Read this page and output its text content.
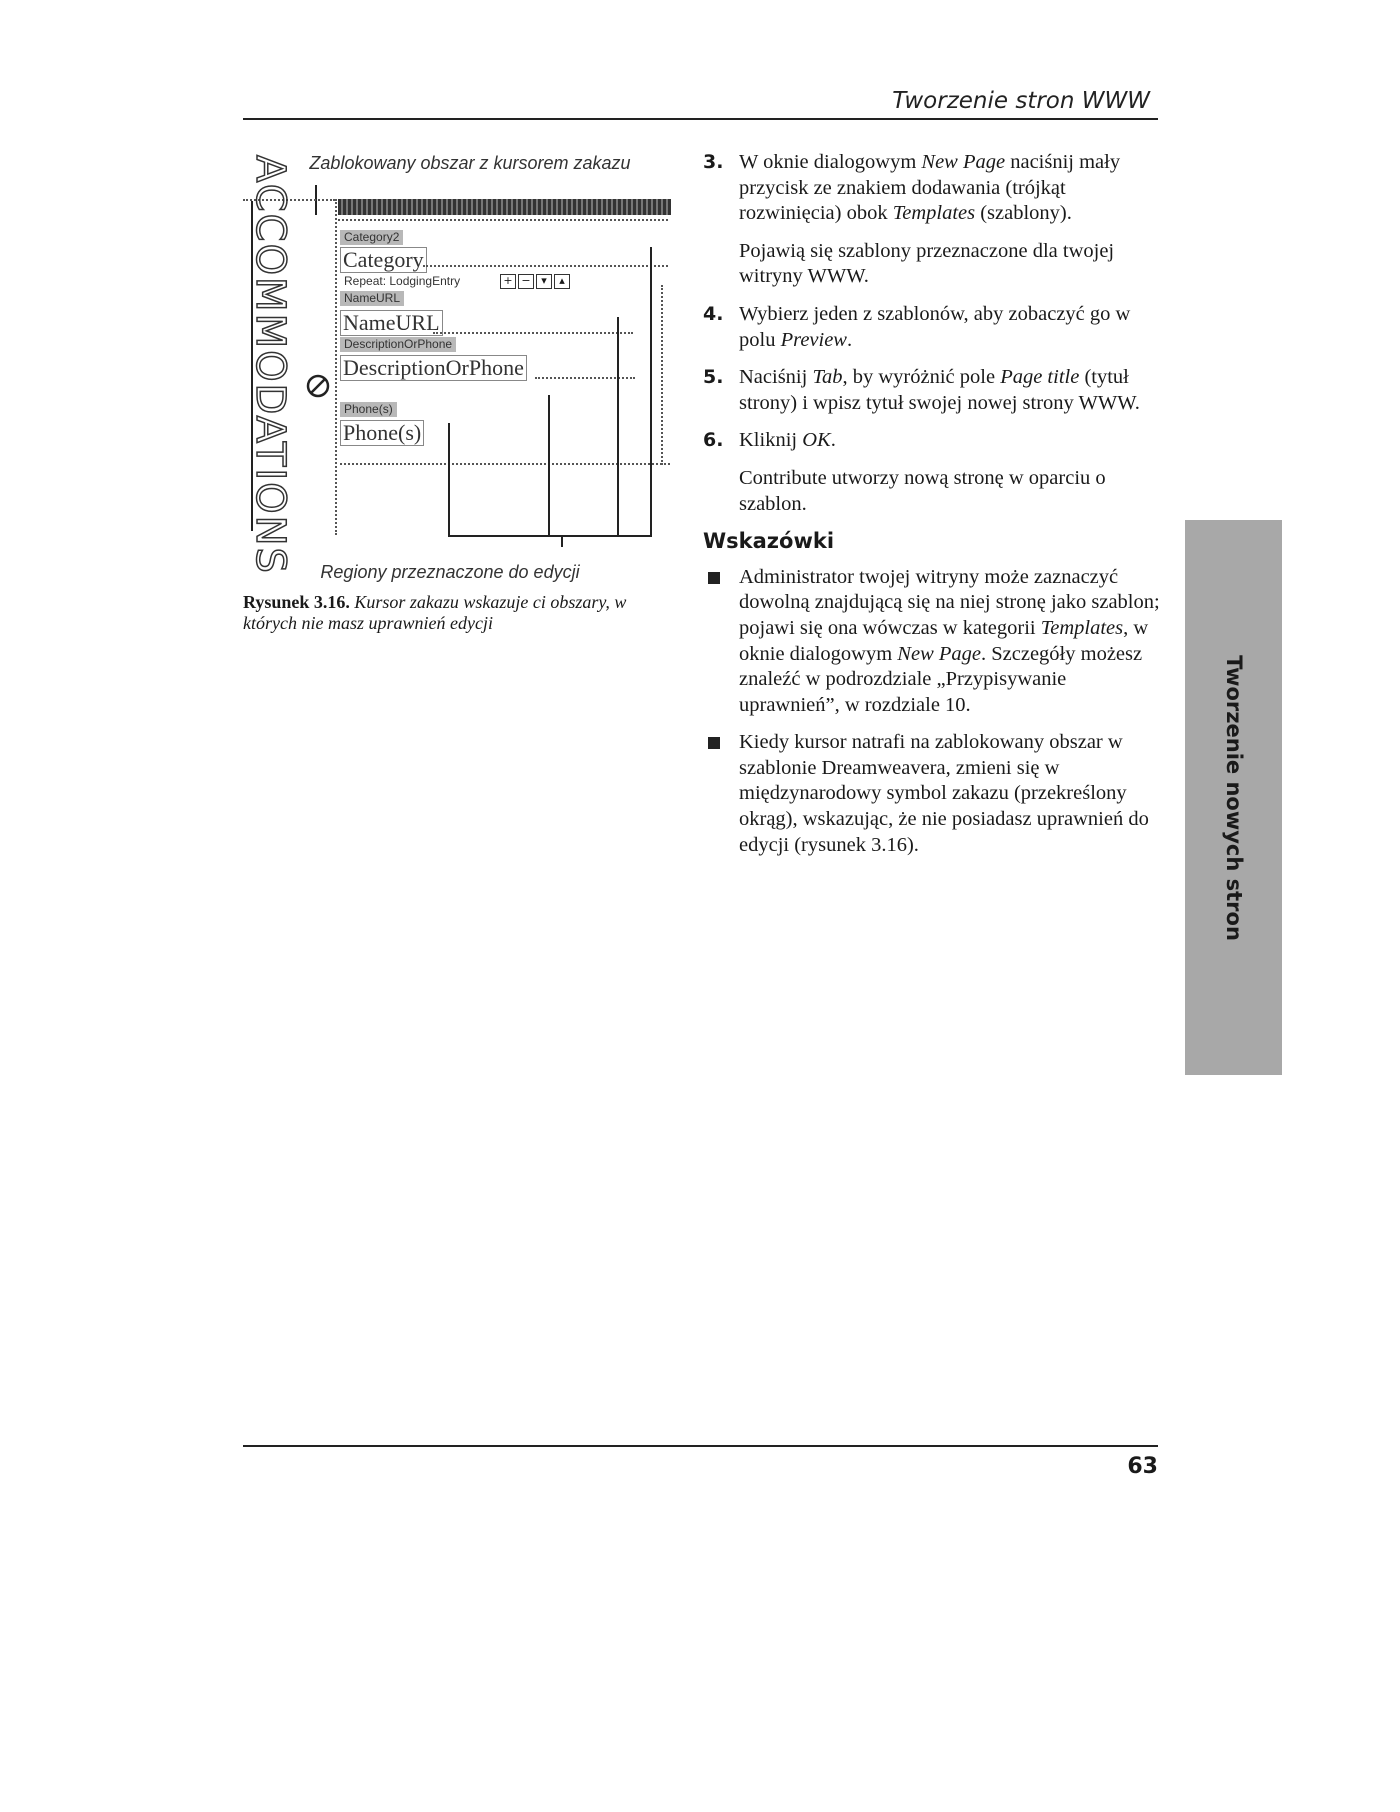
Tworzenie stron WWW
Zablokowany obszar z kursorem zakazu
ACCOMMODATIONS	Category2
Category
Repeat: LodgingEntry	+ − ▾	▴
NameURL
NameURL
DescriptionOrPhone
DescriptionOrPhone
Phone(s)
Phone(s)
Regiony przeznaczone do edycji
Rysunek 3.16. Kursor zakazu wskazuje ci obszary, w których nie masz uprawnień edycji
3. W oknie dialogowym New Page naciśnij mały przycisk ze znakiem dodawania (trójkąt rozwinięcia) obok Templates (szablony).
Pojawią się szablony przeznaczone dla twojej witryny WWW.
4. Wybierz jeden z szablonów, aby zobaczyć go w polu Preview.
5. Naciśnij Tab, by wyróżnić pole Page title (tytuł strony) i wpisz tytuł swojej nowej strony WWW.
6. Kliknij OK.
Contribute utworzy nową stronę w oparciu o szablon.
Wskazówki
Administrator twojej witryny może zaznaczyć dowolną znajdującą się na niej stronę jako szablon; pojawi się ona wówczas w kategorii Templates, w oknie dialogowym New Page. Szczegóły możesz znaleźć w podrozdziale „Przypisywanie uprawnień”, w rozdziale 10.
Kiedy kursor natrafi na zablokowany obszar w szablonie Dreamweavera, zmieni się w międzynarodowy symbol zakazu (przekreślony okrąg), wskazując, że nie posiadasz uprawnień do edycji (rysunek 3.16).	Tworzenie nowych stron
63
